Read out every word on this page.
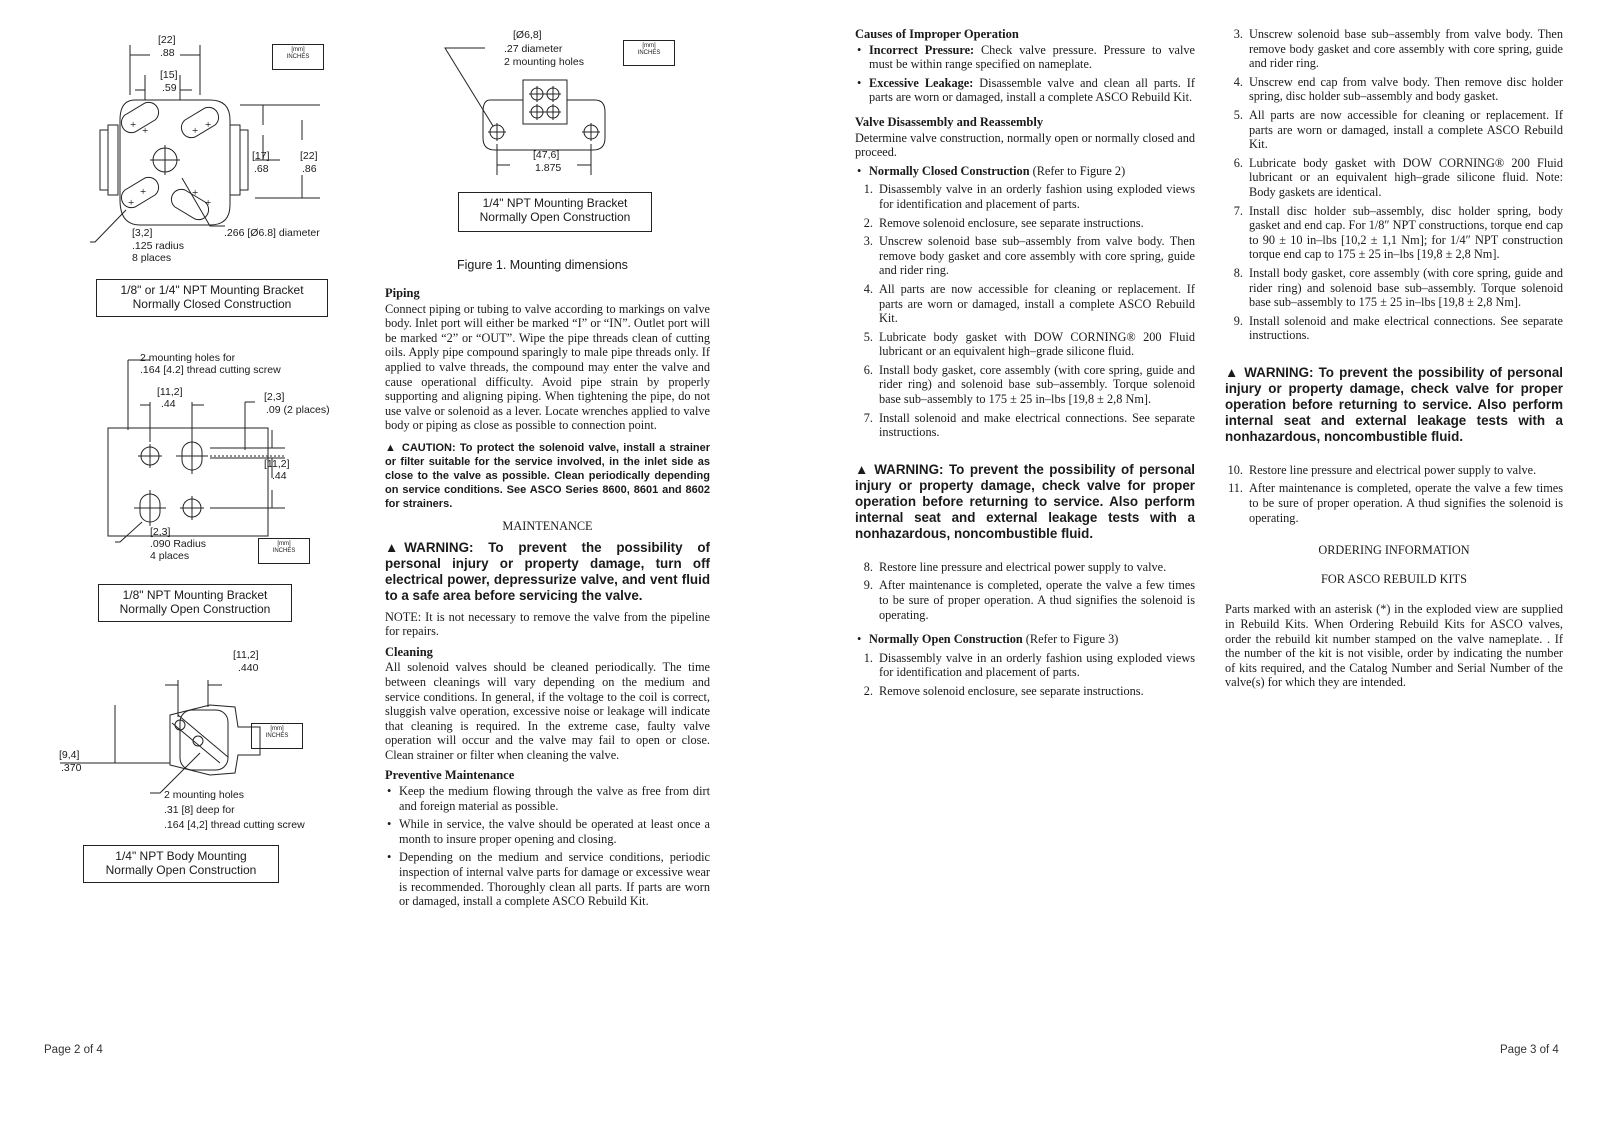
+ +	+ +
+
+	+
+
[22]
.88
[15]
.59
[17]
.68
[22]
.86
[3,2]
.125 radius
8 places
.266 [Ø6.8] diameter
[mm]
INCHES
1/8" or 1/4" NPT Mounting Bracket
Normally Closed Construction
2 mounting holes for
.164 [4.2] thread cutting screw
[11,2]
.44
[2,3]
.09 (2 places)
[11,2]
.44
[2,3]
.090 Radius
4 places
[mm]
INCHES
1/8" NPT Mounting Bracket
Normally Open Construction
[11,2]
.440
[9,4]
.370
2 mounting holes
.31 [8] deep for
.164 [4,2] thread cutting screw
[mm]
INCHES
1/4" NPT Body Mounting
Normally Open Construction
[Ø6,8]
.27 diameter
2 mounting holes
[47,6]
1.875
[mm]
INCHES
1/4" NPT Mounting Bracket
Normally Open Construction
Figure 1. Mounting dimensions
Piping

Connect piping or tubing to valve according to markings on valve body. Inlet port will either be marked “I” or “IN”. Outlet port will be marked “2” or “OUT”. Wipe the pipe threads clean of cutting oils. Apply pipe compound sparingly to male pipe threads only. If applied to valve threads, the compound may enter the valve and cause operational difficulty. Avoid pipe strain by properly supporting and aligning piping. When tightening the pipe, do not use valve or solenoid as a lever. Locate wrenches applied to valve body or piping as close as possible to connection point.

▲ CAUTION: To protect the solenoid valve, install a strainer or filter suitable for the service involved, in the inlet side as close to the valve as possible. Clean periodically depending on service conditions. See ASCO Series 8600, 8601 and 8602 for strainers.
MAINTENANCE
▲ WARNING: To prevent the possibility of personal injury or property damage, turn off electrical power, depressurize valve, and vent fluid to a safe area before servicing the valve.

NOTE: It is not necessary to remove the valve from the pipeline for repairs.

Cleaning

All solenoid valves should be cleaned periodically. The time between cleanings will vary depending on the medium and service conditions. In general, if the voltage to the coil is correct, sluggish valve operation, excessive noise or leakage will indicate that cleaning is required. In the extreme case, faulty valve operation will occur and the valve may fail to open or close. Clean strainer or filter when cleaning the valve.

Preventive Maintenance
• Keep the medium flowing through the valve as free from dirt and foreign material as possible.
• While in service, the valve should be operated at least once a month to insure proper opening and closing.
• Depending on the medium and service conditions, periodic inspection of internal valve parts for damage or excessive wear is recommended. Thoroughly clean all parts. If parts are worn or damaged, install a complete ASCO Rebuild Kit.
Page 2 of 4
Causes of Improper Operation
• Incorrect Pressure: Check valve pressure. Pressure to valve must be within range specified on nameplate.
• Excessive Leakage: Disassemble valve and clean all parts. If parts are worn or damaged, install a complete ASCO Rebuild Kit.
Valve Disassembly and Reassembly

Determine valve construction, normally open or normally closed and proceed.

• Normally Closed Construction (Refer to Figure 2)
1. Disassembly valve in an orderly fashion using exploded views for identification and placement of parts.
2. Remove solenoid enclosure, see separate instructions.
3. Unscrew solenoid base sub–assembly from valve body. Then remove body gasket and core assembly with core spring, guide and rider ring.
4. All parts are now accessible for cleaning or replacement. If parts are worn or damaged, install a complete ASCO Rebuild Kit.
5. Lubricate body gasket with DOW CORNING® 200 Fluid lubricant or an equivalent high–grade silicone fluid.
6. Install body gasket, core assembly (with core spring, guide and rider ring) and solenoid base sub–assembly. Torque solenoid base sub–assembly to 175 ± 25 in–lbs [19,8 ± 2,8 Nm].
7. Install solenoid and make electrical connections. See separate instructions.
▲ WARNING: To prevent the possibility of personal injury or property damage, check valve for proper operation before returning to service. Also perform internal seat and external leakage tests with a nonhazardous, noncombustible fluid.
8. Restore line pressure and electrical power supply to valve.
9. After maintenance is completed, operate the valve a few times to be sure of proper operation. A thud signifies the solenoid is operating.
• Normally Open Construction (Refer to Figure 3)
1. Disassembly valve in an orderly fashion using exploded views for identification and placement of parts.
2. Remove solenoid enclosure, see separate instructions.
3. Unscrew solenoid base sub–assembly from valve body. Then remove body gasket and core assembly with core spring, guide and rider ring.
4. Unscrew end cap from valve body. Then remove disc holder spring, disc holder sub–assembly and body gasket.
5. All parts are now accessible for cleaning or replacement. If parts are worn or damaged, install a complete ASCO Rebuild Kit.
6. Lubricate body gasket with DOW CORNING® 200 Fluid lubricant or an equivalent high–grade silicone fluid. Note: Body gaskets are identical.
7. Install disc holder sub–assembly, disc holder spring, body gasket and end cap. For 1/8″ NPT constructions, torque end cap to 90 ± 10 in–lbs [10,2 ± 1,1 Nm]; for 1/4″ NPT construction torque end cap to 175 ± 25 in–lbs [19,8 ± 2,8 Nm].
8. Install body gasket, core assembly (with core spring, guide and rider ring) and solenoid base sub–assembly. Torque solenoid base sub–assembly to 175 ± 25 in–lbs [19,8 ± 2,8 Nm].
9. Install solenoid and make electrical connections. See separate instructions.
▲ WARNING: To prevent the possibility of personal injury or property damage, check valve for proper operation before returning to service. Also perform internal seat and external leakage tests with a nonhazardous, noncombustible fluid.
10. Restore line pressure and electrical power supply to valve.
11. After maintenance is completed, operate the valve a few times to be sure of proper operation. A thud signifies the solenoid is operating.
ORDERING INFORMATION
FOR ASCO REBUILD KITS

Parts marked with an asterisk (*) in the exploded view are supplied in Rebuild Kits. When Ordering Rebuild Kits for ASCO valves, order the rebuild kit number stamped on the valve nameplate. . If the number of the kit is not visible, order by indicating the number of kits required, and the Catalog Number and Serial Number of the valve(s) for which they are intended.

Page 3 of 4
